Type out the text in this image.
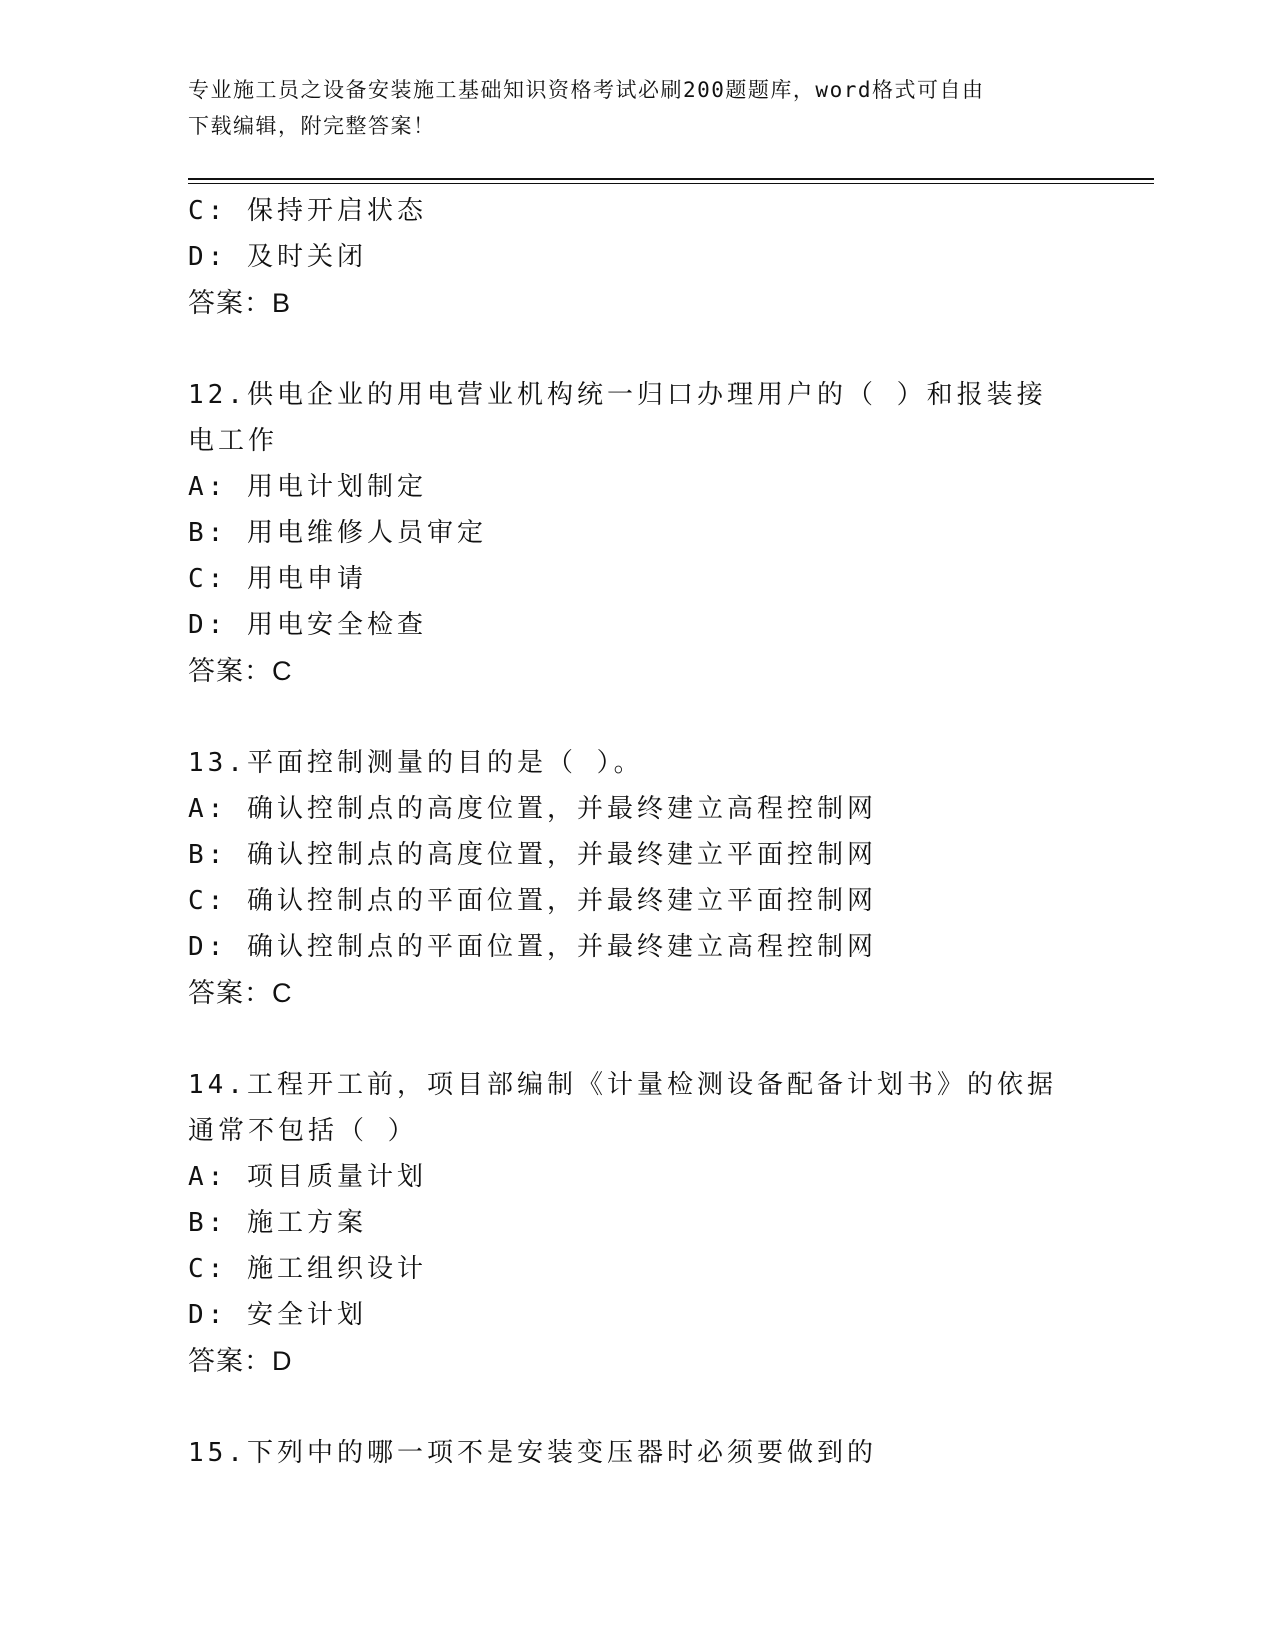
专业施工员之设备安装施工基础知识资格考试必刷200题题库，word格式可自由
下载编辑，附完整答案！
C: 保持开启状态
D: 及时关闭
答案：B
12.供电企业的用电营业机构统一归口办理用户的（ ）和报装接电工作
A: 用电计划制定
B: 用电维修人员审定
C: 用电申请
D: 用电安全检查
答案：C
13.平面控制测量的目的是（ ）。
A: 确认控制点的高度位置，并最终建立高程控制网
B: 确认控制点的高度位置，并最终建立平面控制网
C: 确认控制点的平面位置，并最终建立平面控制网
D: 确认控制点的平面位置，并最终建立高程控制网
答案：C
14.工程开工前，项目部编制《计量检测设备配备计划书》的依据通常不包括（ ）
A: 项目质量计划
B: 施工方案
C: 施工组织设计
D: 安全计划
答案：D
15.下列中的哪一项不是安装变压器时必须要做到的
